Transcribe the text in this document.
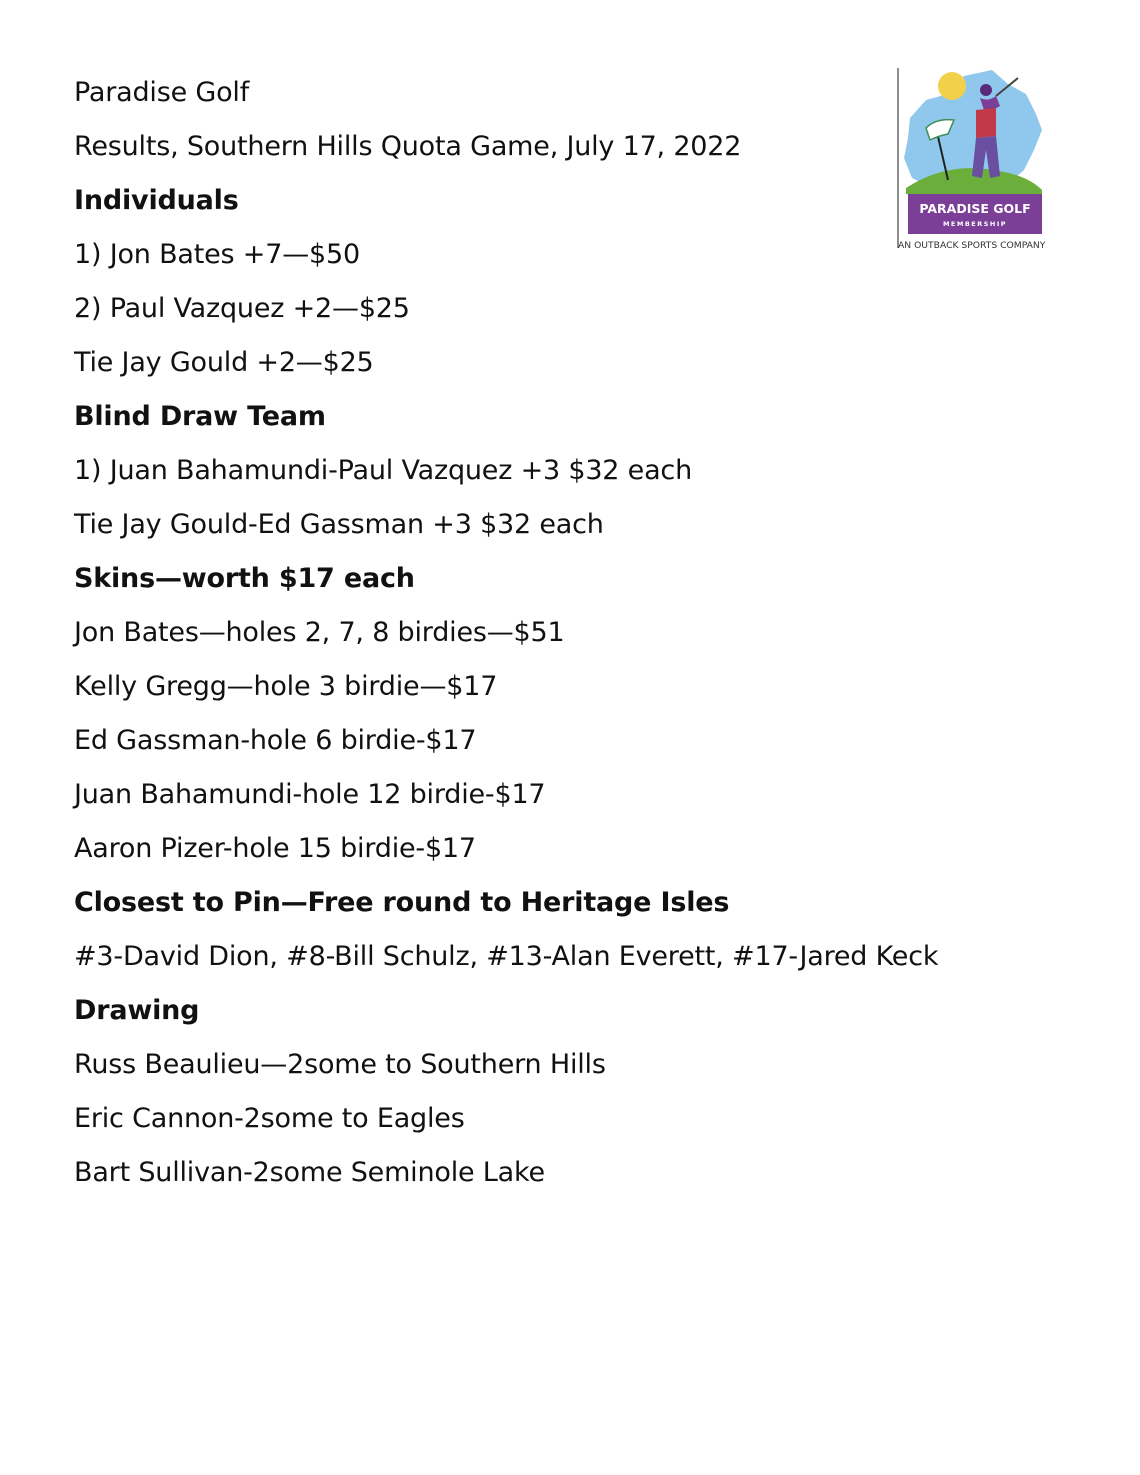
Paradise Golf
Results, Southern Hills Quota Game, July 17, 2022
Individuals
1) Jon Bates +7—$50
2) Paul Vazquez +2—$25
Tie Jay Gould +2—$25
Blind Draw Team
1) Juan Bahamundi-Paul Vazquez +3 $32 each
Tie Jay Gould-Ed Gassman +3 $32 each
Skins—worth $17 each
Jon Bates—holes 2, 7, 8 birdies—$51
Kelly Gregg—hole 3 birdie—$17
Ed Gassman-hole 6 birdie-$17
Juan Bahamundi-hole 12 birdie-$17
Aaron Pizer-hole 15 birdie-$17
Closest to Pin—Free round to Heritage Isles
#3-David Dion, #8-Bill Schulz, #13-Alan Everett, #17-Jared Keck
Drawing
Russ Beaulieu—2some to Southern Hills
Eric Cannon-2some to Eagles
Bart Sullivan-2some Seminole Lake
PARADISE GOLF
MEMBERSHIP
AN OUTBACK SPORTS COMPANY
